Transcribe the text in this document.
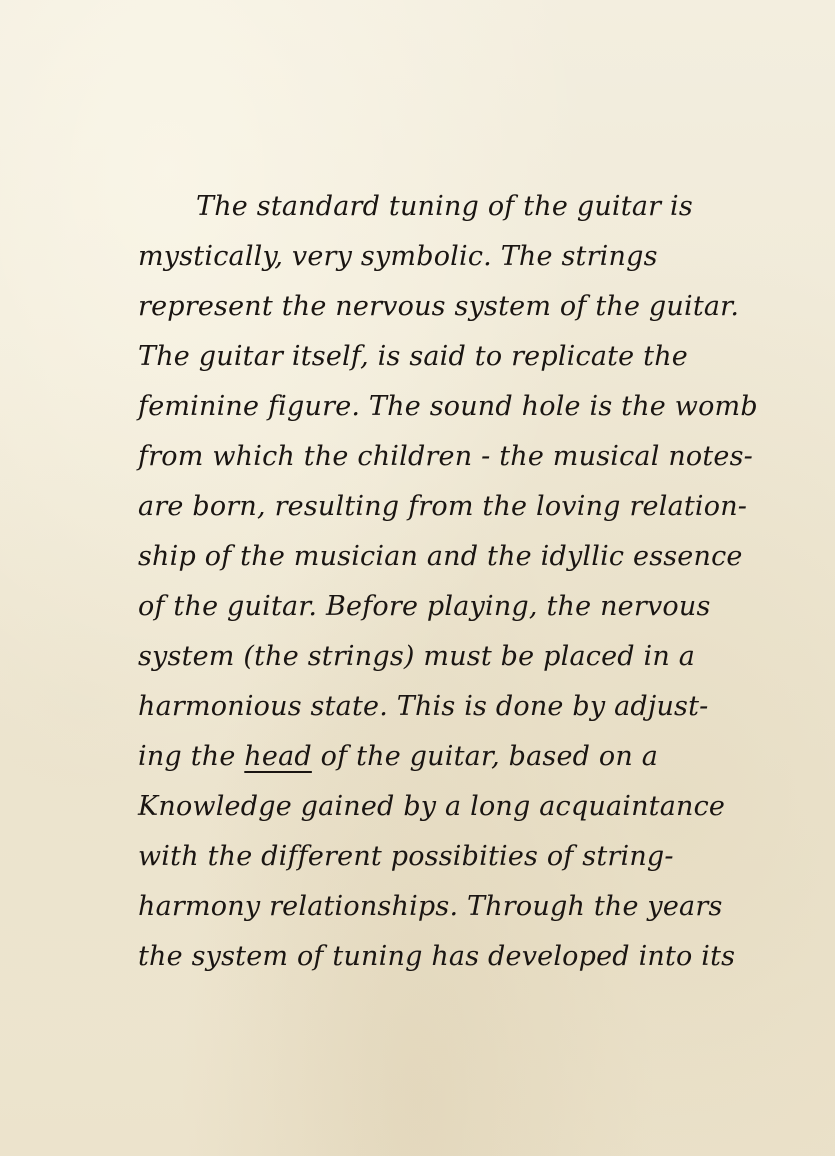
The standard tuning of the guitar is
mystically, very symbolic. The strings
represent the nervous system of the guitar.
The guitar itself, is said to replicate the
feminine figure. The sound hole is the womb
from which the children - the musical notes-
are born, resulting from the loving relation-
ship of the musician and the idyllic essence
of the guitar. Before playing, the nervous
system (the strings) must be placed in a
harmonious state. This is done by adjust-
ing the head of the guitar, based on a
Knowledge gained by a long acquaintance
with the different possibities of string-
harmony relationships. Through the years
the system of tuning has developed into its
